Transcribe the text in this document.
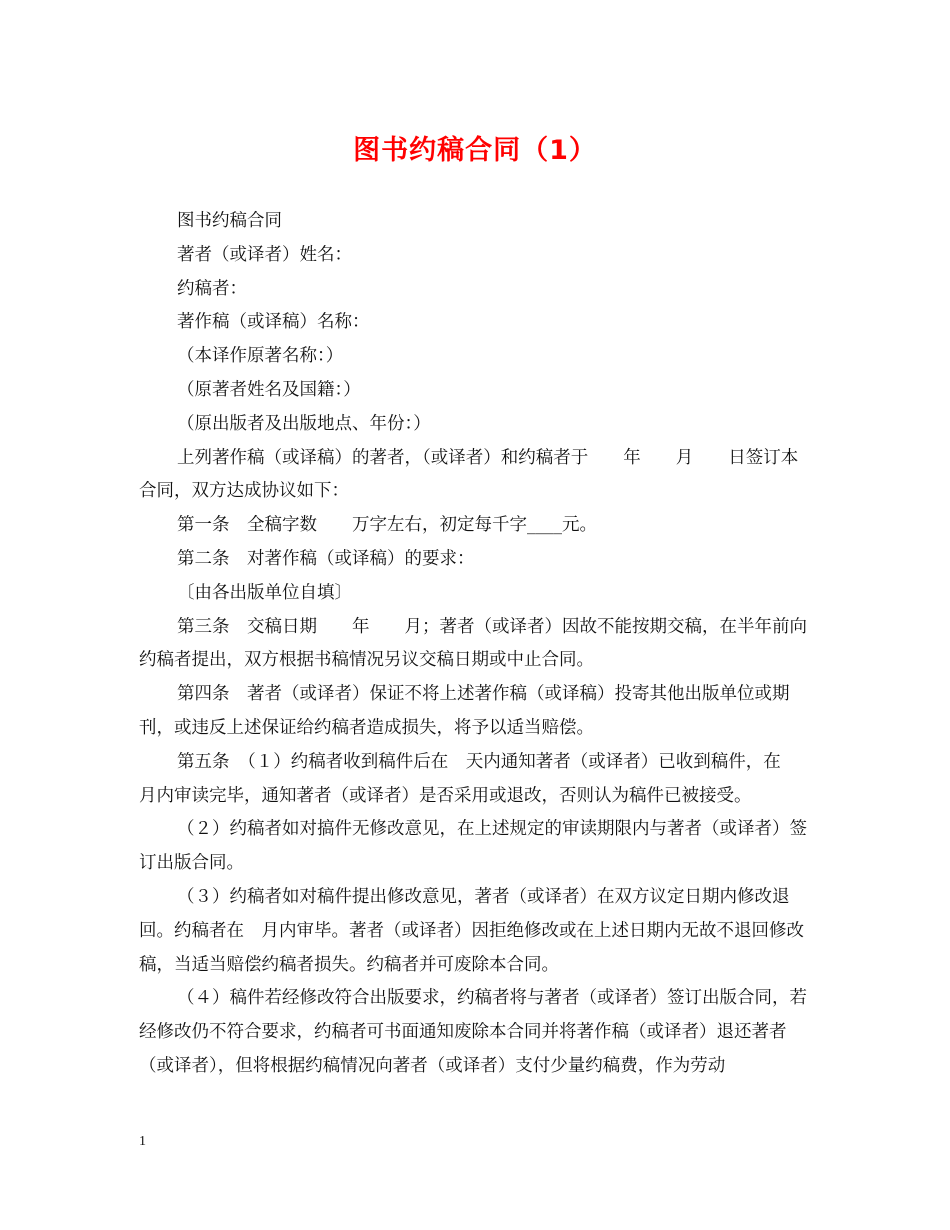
图书约稿合同（1）

图书约稿合同

著者（或译者）姓名：

约稿者：

著作稿（或译稿）名称：

（本译作原著名称：）

（原著者姓名及国籍：）

（原出版者及出版地点、年份：）

上列著作稿（或译稿）的著者，（或译者）和约稿者于　　年　　月　　日签订本合同，双方达成协议如下：

第一条　全稿字数　　万字左右，初定每千字____元。

第二条　对著作稿（或译稿）的要求：

〔由各出版单位自填〕

第三条　交稿日期　　年　　月；著者（或译者）因故不能按期交稿，在半年前向约稿者提出，双方根据书稿情况另议交稿日期或中止合同。

第四条　著者（或译者）保证不将上述著作稿（或译稿）投寄其他出版单位或期刊，或违反上述保证给约稿者造成损失，将予以适当赔偿。

第五条　（１）约稿者收到稿件后在　天内通知著者（或译者）已收到稿件，在　月内审读完毕，通知著者（或译者）是否采用或退改，否则认为稿件已被接受。

（２）约稿者如对搞件无修改意见，在上述规定的审读期限内与著者（或译者）签订出版合同。

（３）约稿者如对稿件提出修改意见，著者（或译者）在双方议定日期内修改退回。约稿者在　月内审毕。著者（或译者）因拒绝修改或在上述日期内无故不退回修改稿，当适当赔偿约稿者损失。约稿者并可废除本合同。

（４）稿件若经修改符合出版要求，约稿者将与著者（或译者）签订出版合同，若经修改仍不符合要求，约稿者可书面通知废除本合同并将著作稿（或译者）退还著者（或译者），但将根据约稿情况向著者（或译者）支付少量约稿费，作为劳动

1
